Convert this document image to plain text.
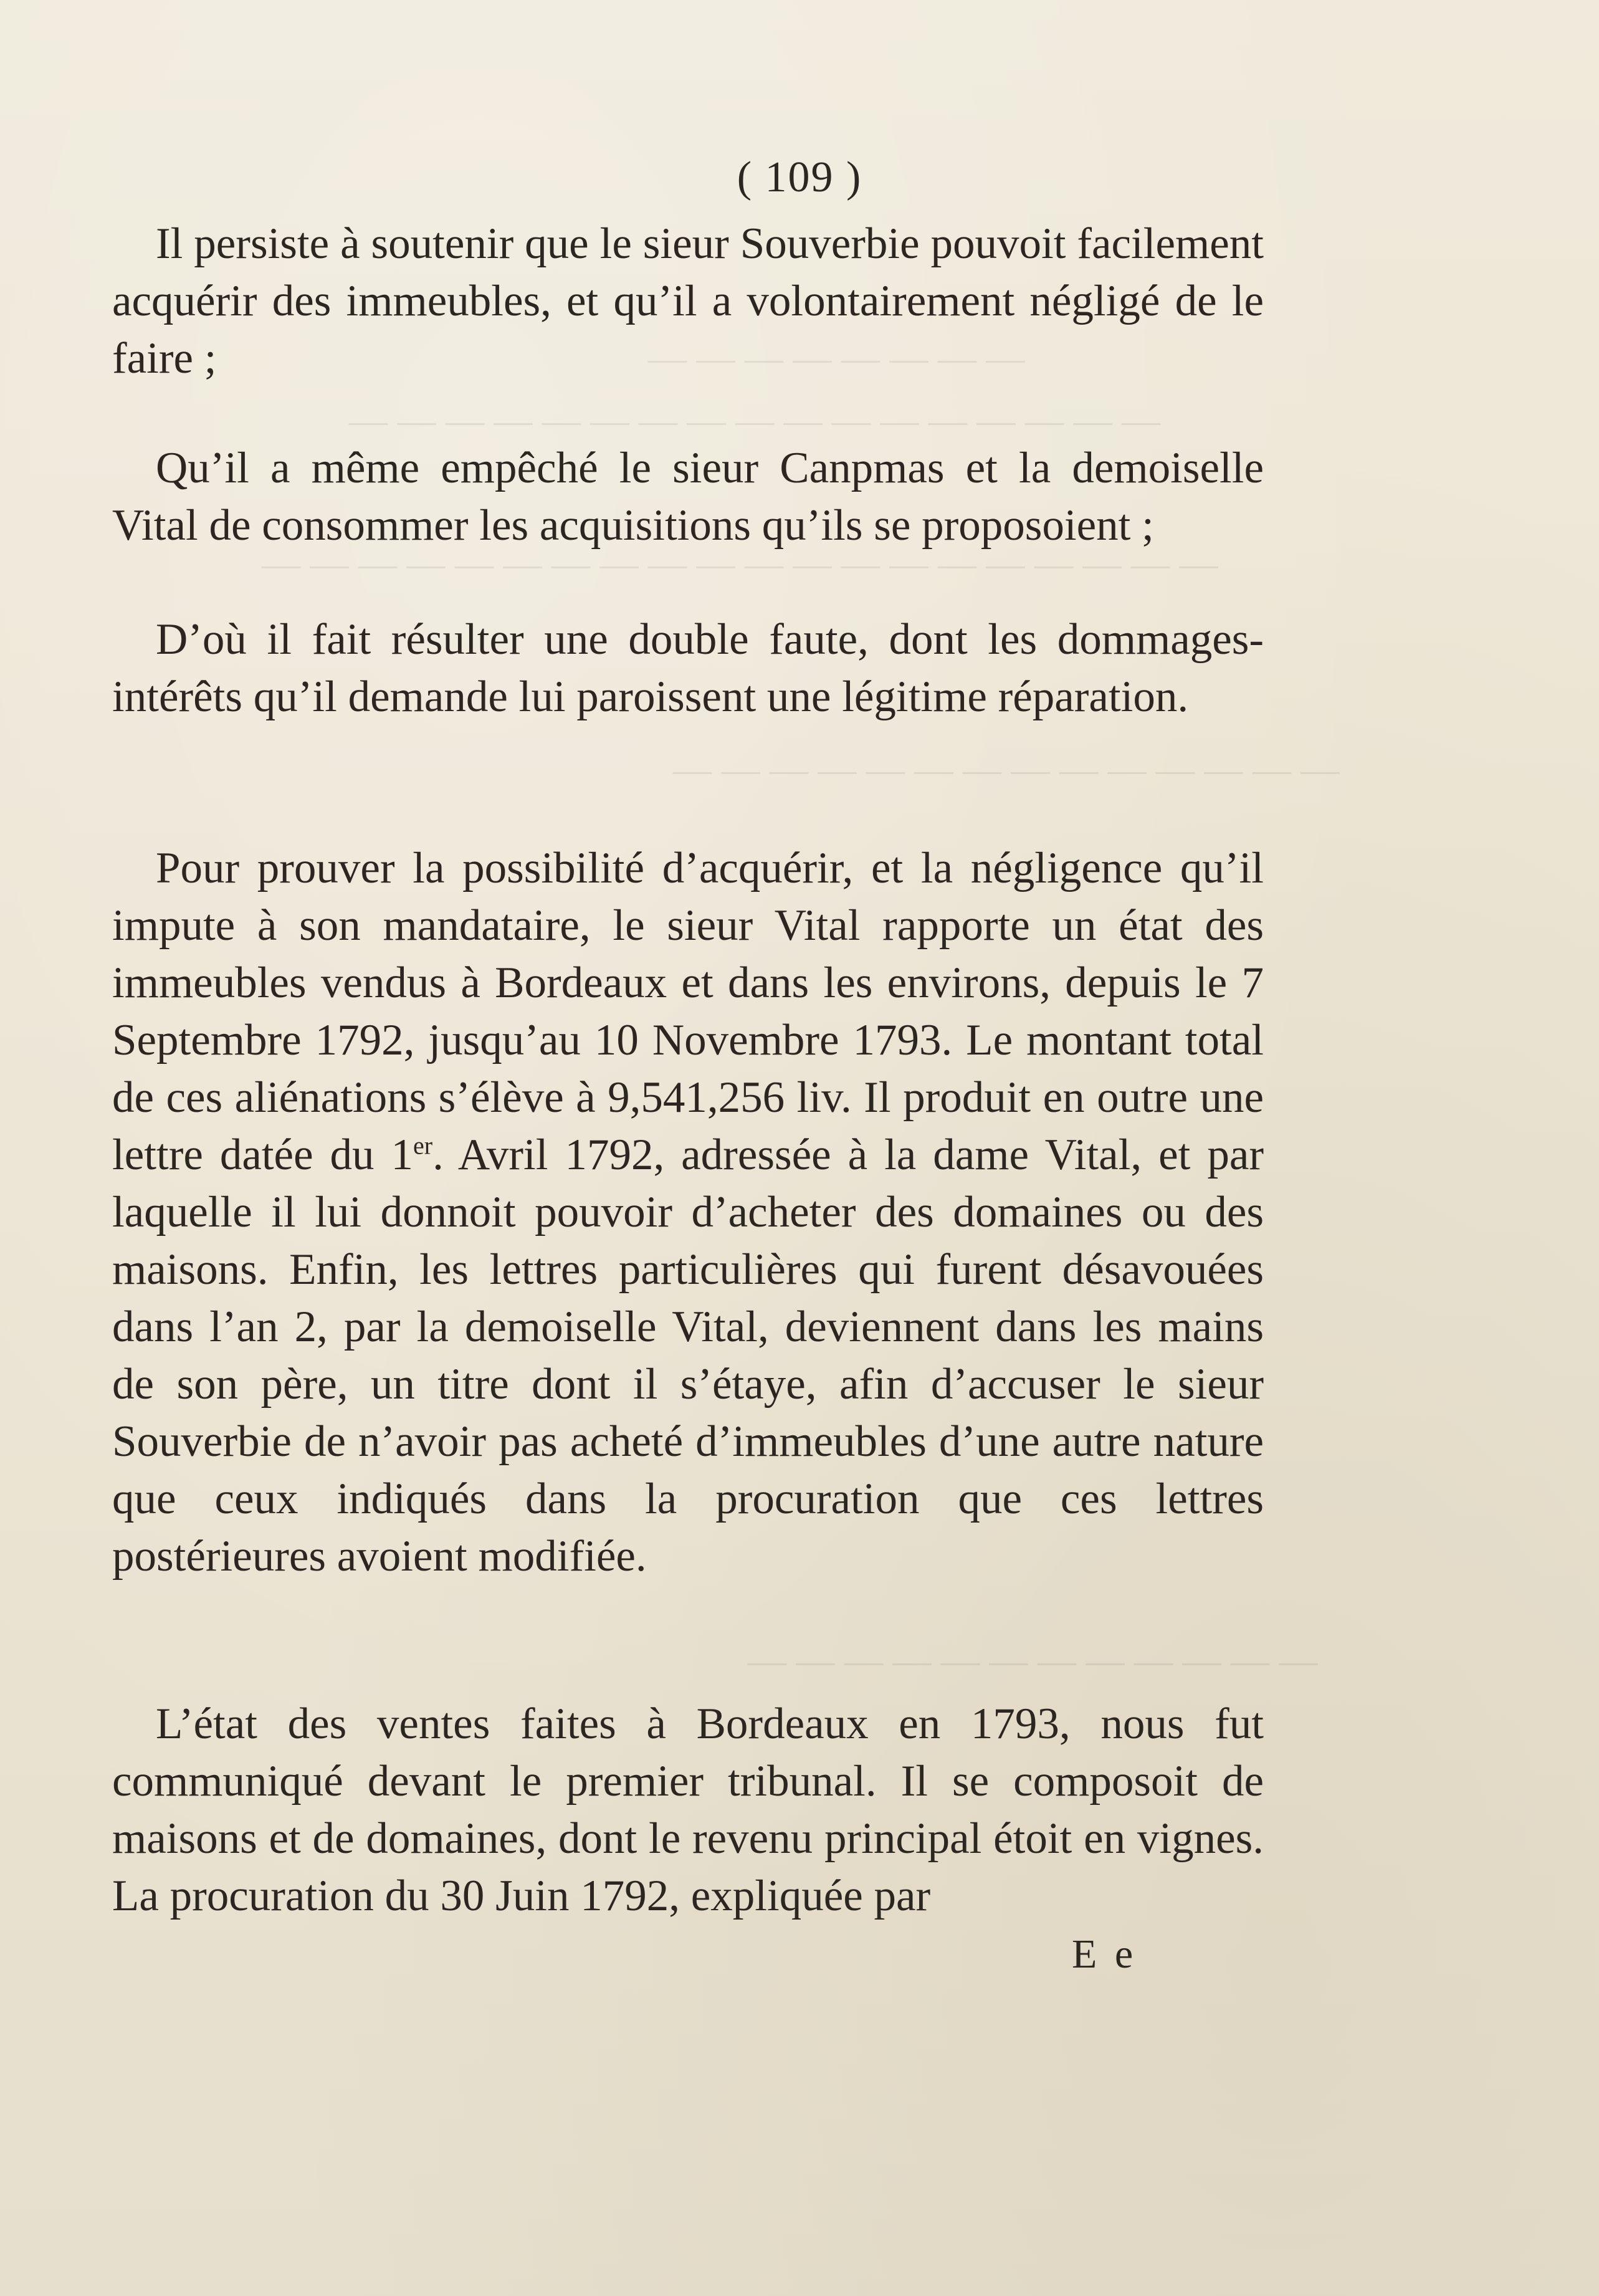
— — — — — — — —
— — — — — — — — — — — — — — — — —
— — — — — — — — — — — — — — — — — — — —
— — — — — — — — — — — — — —
— — — — — — — — — — — —
( 109 )

Il persiste à soutenir que le sieur Souverbie pouvoit facilement acquérir des immeubles, et qu’il a volontairement négligé de le faire ;

Qu’il a même empêché le sieur Canpmas et la demoiselle Vital de consommer les acquisitions qu’ils se proposoient ;

D’où il fait résulter une double faute, dont les dommages-intérêts qu’il demande lui paroissent une légitime réparation.

Pour prouver la possibilité d’acquérir, et la négligence qu’il impute à son mandataire, le sieur Vital rapporte un état des immeubles vendus à Bordeaux et dans les environs, depuis le 7 Septembre 1792, jusqu’au 10 Novembre 1793. Le montant total de ces aliénations s’élève à 9,541,256 liv. Il produit en outre une lettre datée du 1er. Avril 1792, adressée à la dame Vital, et par laquelle il lui donnoit pouvoir d’acheter des domaines ou des maisons. Enfin, les lettres particulières qui furent désavouées dans l’an 2, par la demoiselle Vital, deviennent dans les mains de son père, un titre dont il s’étaye, afin d’accuser le sieur Souverbie de n’avoir pas acheté d’immeubles d’une autre nature que ceux indiqués dans la procuration que ces lettres postérieures avoient modifiée.

L’état des ventes faites à Bordeaux en 1793, nous fut communiqué devant le premier tribunal. Il se composoit de maisons et de domaines, dont le revenu principal étoit en vignes. La procuration du 30 Juin 1792, expliquée par

E e
